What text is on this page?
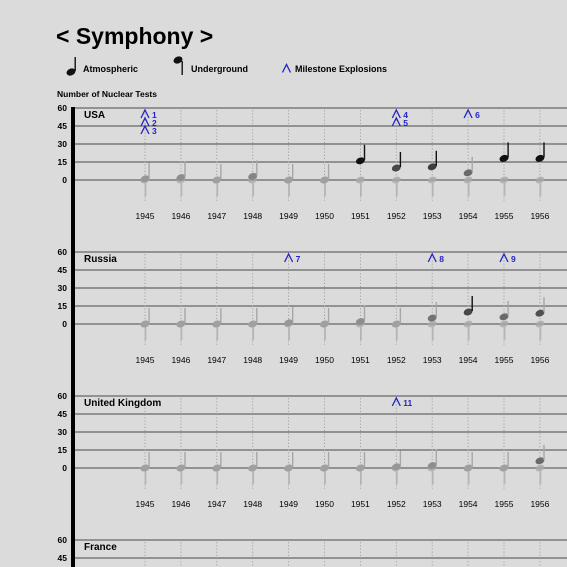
< Symphony >
Atmospheric	Underground	Milestone Explosions
Number of Nuclear Tests
0
15
30
45
60
USA
1945 1946 1947 1948 1949 1950 1951 1952 1953 1954 1955 1956
1
2
3
4
5
6
0
15
30
45
60
Russia
1945 1946 1947 1948 1949 1950 1951 1952 1953 1954 1955 1956
7	8	9
0
15
30
45
60
United Kingdom
1945 1946 1947 1948 1949 1950 1951 1952 1953 1954 1955 1956
11
45
60
France
